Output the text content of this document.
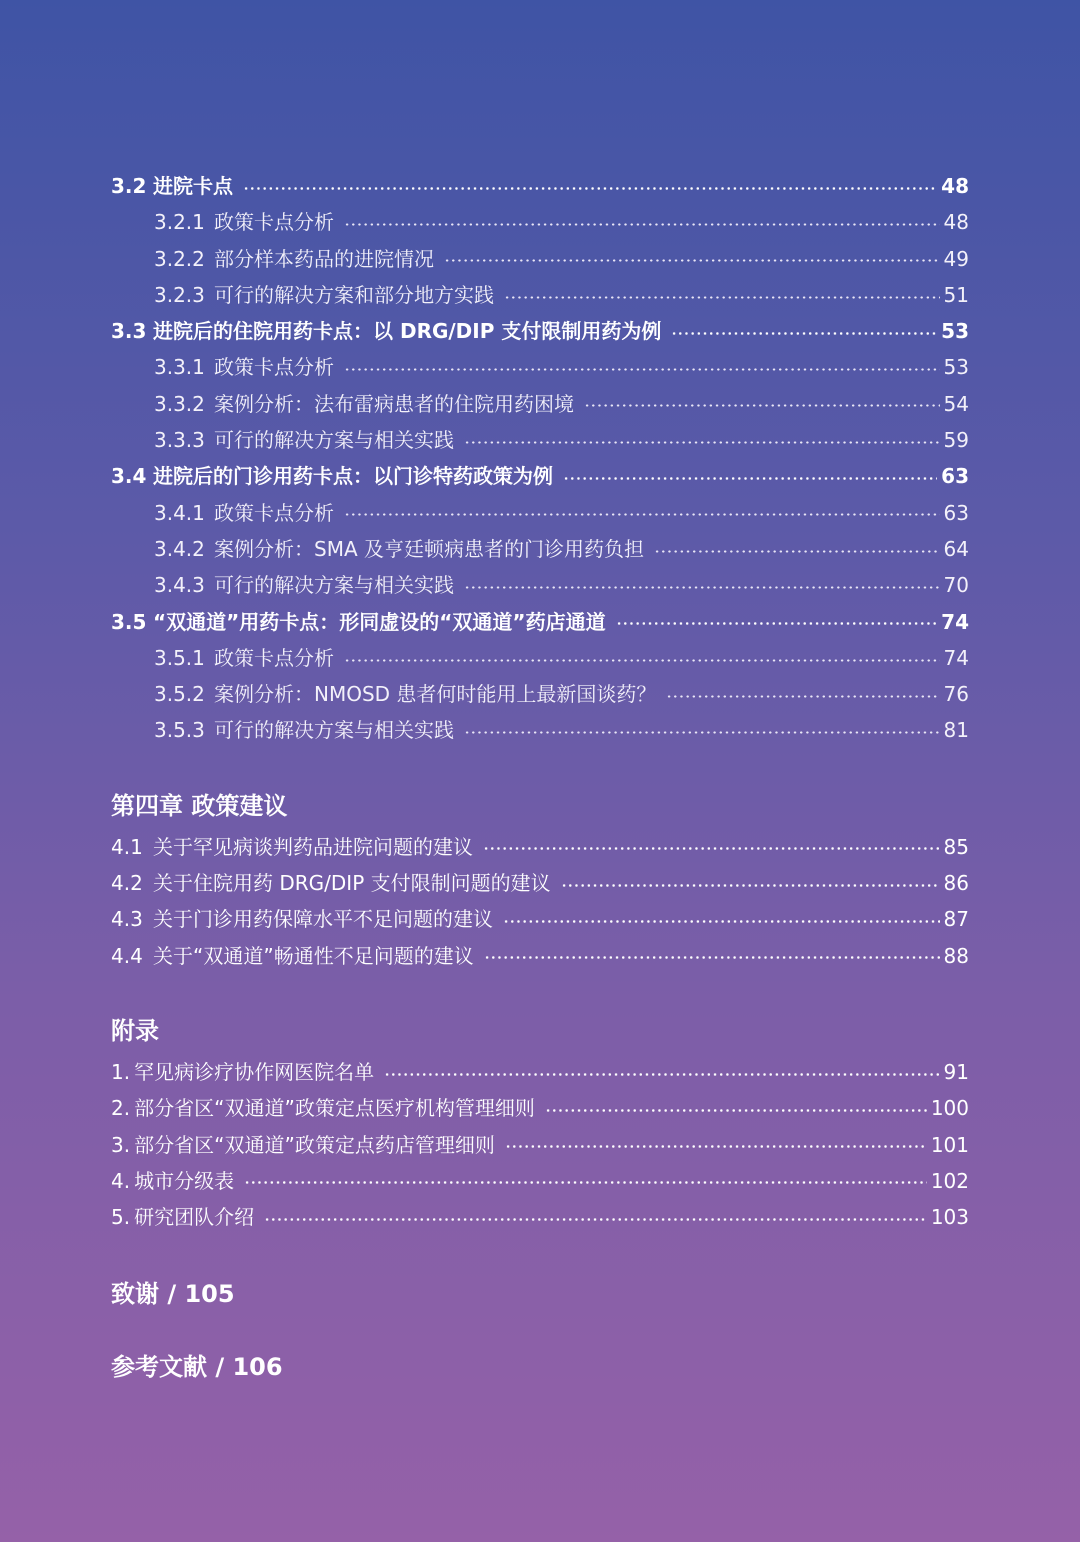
3.2 进院卡点	48
3.2.1 政策卡点分析	48
3.2.2 部分样本药品的进院情况	49
3.2.3 可行的解决方案和部分地方实践	51
3.3 进院后的住院用药卡点：以 DRG/DIP 支付限制用药为例	53
3.3.1 政策卡点分析	53
3.3.2 案例分析：法布雷病患者的住院用药困境	54
3.3.3 可行的解决方案与相关实践	59
3.4 进院后的门诊用药卡点：以门诊特药政策为例	63
3.4.1 政策卡点分析	63
3.4.2 案例分析：SMA 及亨廷顿病患者的门诊用药负担	64
3.4.3 可行的解决方案与相关实践	70
3.5 “双通道”用药卡点：形同虚设的“双通道”药店通道	74
3.5.1 政策卡点分析	74
3.5.2 案例分析：NMOSD 患者何时能用上最新国谈药？	76
3.5.3 可行的解决方案与相关实践	81
第四章 政策建议
4.1 关于罕见病谈判药品进院问题的建议	85
4.2 关于住院用药 DRG/DIP 支付限制问题的建议	86
4.3 关于门诊用药保障水平不足问题的建议	87
4.4 关于“双通道”畅通性不足问题的建议	88
附录
1. 罕见病诊疗协作网医院名单	91
2. 部分省区“双通道”政策定点医疗机构管理细则	100
3. 部分省区“双通道”政策定点药店管理细则	101
4. 城市分级表	102
5. 研究团队介绍	103
致谢 / 105
参考文献 / 106
